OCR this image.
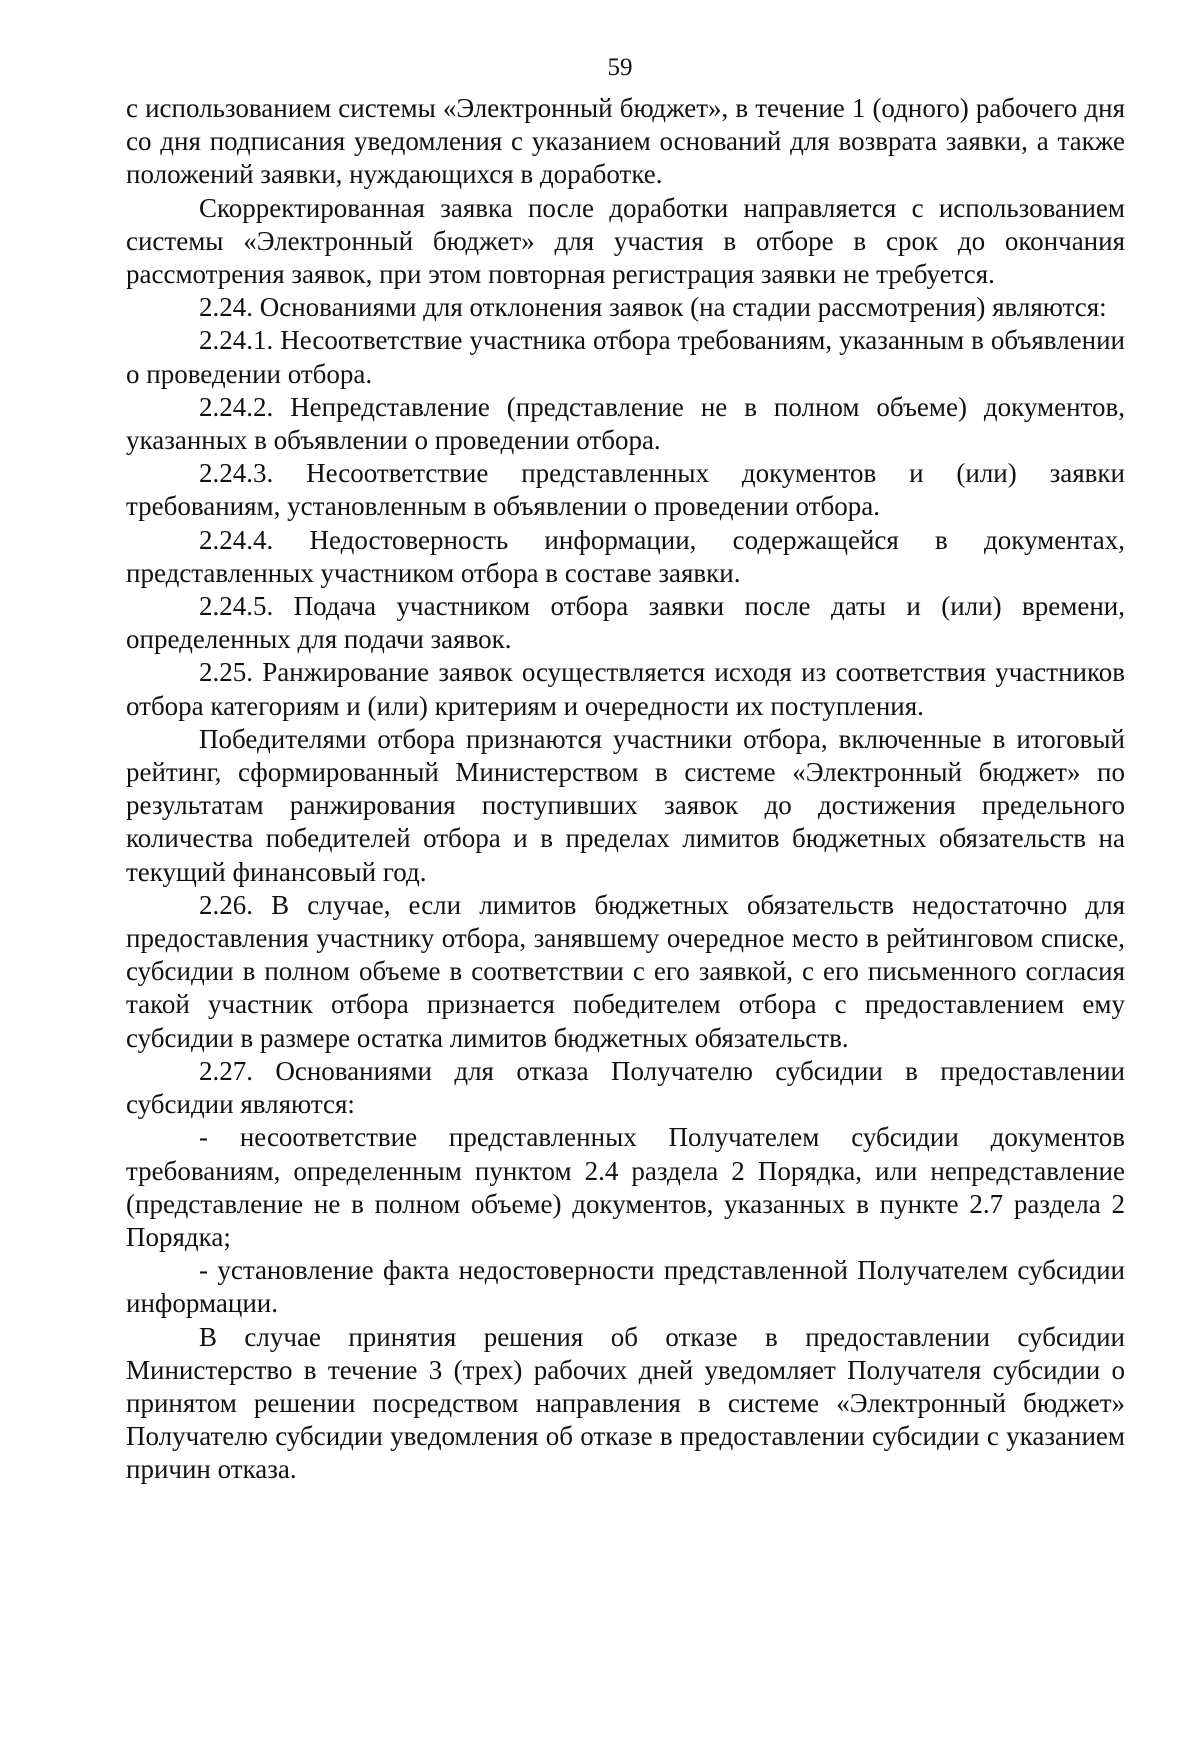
59

с использованием системы «Электронный бюджет», в течение 1 (одного) рабочего дня со дня подписания уведомления с указанием оснований для возврата заявки, а также положений заявки, нуждающихся в доработке.

Скорректированная заявка после доработки направляется с использованием системы «Электронный бюджет» для участия в отборе в срок до окончания рассмотрения заявок, при этом повторная регистрация заявки не требуется.

2.24. Основаниями для отклонения заявок (на стадии рассмотрения) являются:

2.24.1. Несоответствие участника отбора требованиям, указанным в объявлении о проведении отбора.

2.24.2. Непредставление (представление не в полном объеме) документов, указанных в объявлении о проведении отбора.

2.24.3. Несоответствие представленных документов и (или) заявки требованиям, установленным в объявлении о проведении отбора.

2.24.4. Недостоверность информации, содержащейся в документах, представленных участником отбора в составе заявки.

2.24.5. Подача участником отбора заявки после даты и (или) времени, определенных для подачи заявок.

2.25. Ранжирование заявок осуществляется исходя из соответствия участников отбора категориям и (или) критериям и очередности их поступления.

Победителями отбора признаются участники отбора, включенные в итоговый рейтинг, сформированный Министерством в системе «Электронный бюджет» по результатам ранжирования поступивших заявок до достижения предельного количества победителей отбора и в пределах лимитов бюджетных обязательств на текущий финансовый год.

2.26. В случае, если лимитов бюджетных обязательств недостаточно для предоставления участнику отбора, занявшему очередное место в рейтинговом списке, субсидии в полном объеме в соответствии с его заявкой, с его письменного согласия такой участник отбора признается победителем отбора с предоставлением ему субсидии в размере остатка лимитов бюджетных обязательств.

2.27. Основаниями для отказа Получателю субсидии в предоставлении субсидии являются:

- несоответствие представленных Получателем субсидии документов требованиям, определенным пунктом 2.4 раздела 2 Порядка, или непредставление (представление не в полном объеме) документов, указанных в пункте 2.7 раздела 2 Порядка;

- установление факта недостоверности представленной Получателем субсидии информации.

В случае принятия решения об отказе в предоставлении субсидии Министерство в течение 3 (трех) рабочих дней уведомляет Получателя субсидии о принятом решении посредством направления в системе «Электронный бюджет» Получателю субсидии уведомления об отказе в предоставлении субсидии с указанием причин отказа.
